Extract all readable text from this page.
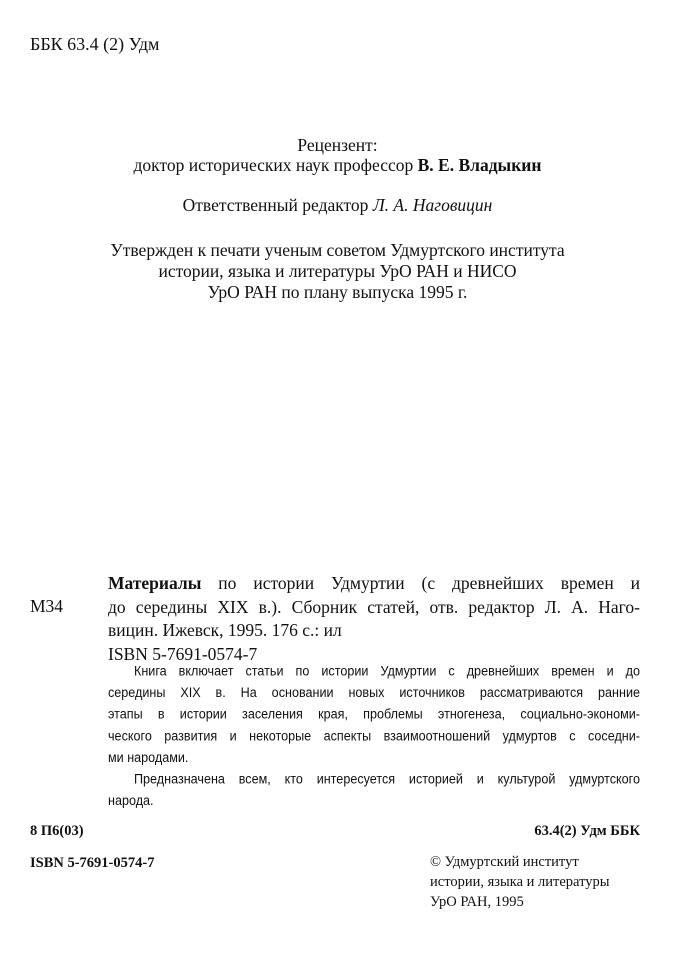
ББК 63.4 (2) Удм
Рецензент:
доктор исторических наук профессор В. Е. Владыкин
Ответственный редактор Л. А. Наговицин
Утвержден к печати ученым советом Удмуртского института
истории, языка и литературы УрО РАН и НИСО
УрО РАН по плану выпуска 1995 г.
М34
Материалы по истории Удмуртии (с древнейших времен и
до середины XIX в.). Сборник статей, отв. редактор Л. А. Наго-
вицин. Ижевск, 1995. 176 с.: ил
ISBN 5-7691-0574-7
Книга включает статьи по истории Удмуртии с древнейших времен и до
середины XIX в. На основании новых источников рассматриваются ранние
этапы в истории заселения края, проблемы этногенеза, социально-экономи-
ческого развития и некоторые аспекты взаимоотношений удмуртов с соседни-
ми народами.
Предназначена всем, кто интересуется историей и культурой удмуртского
народа.
8 П6(03)	63.4(2) Удм ББК
ISBN 5-7691-0574-7	© Удмуртский институт
истории, языка и литературы
УрО РАН, 1995
